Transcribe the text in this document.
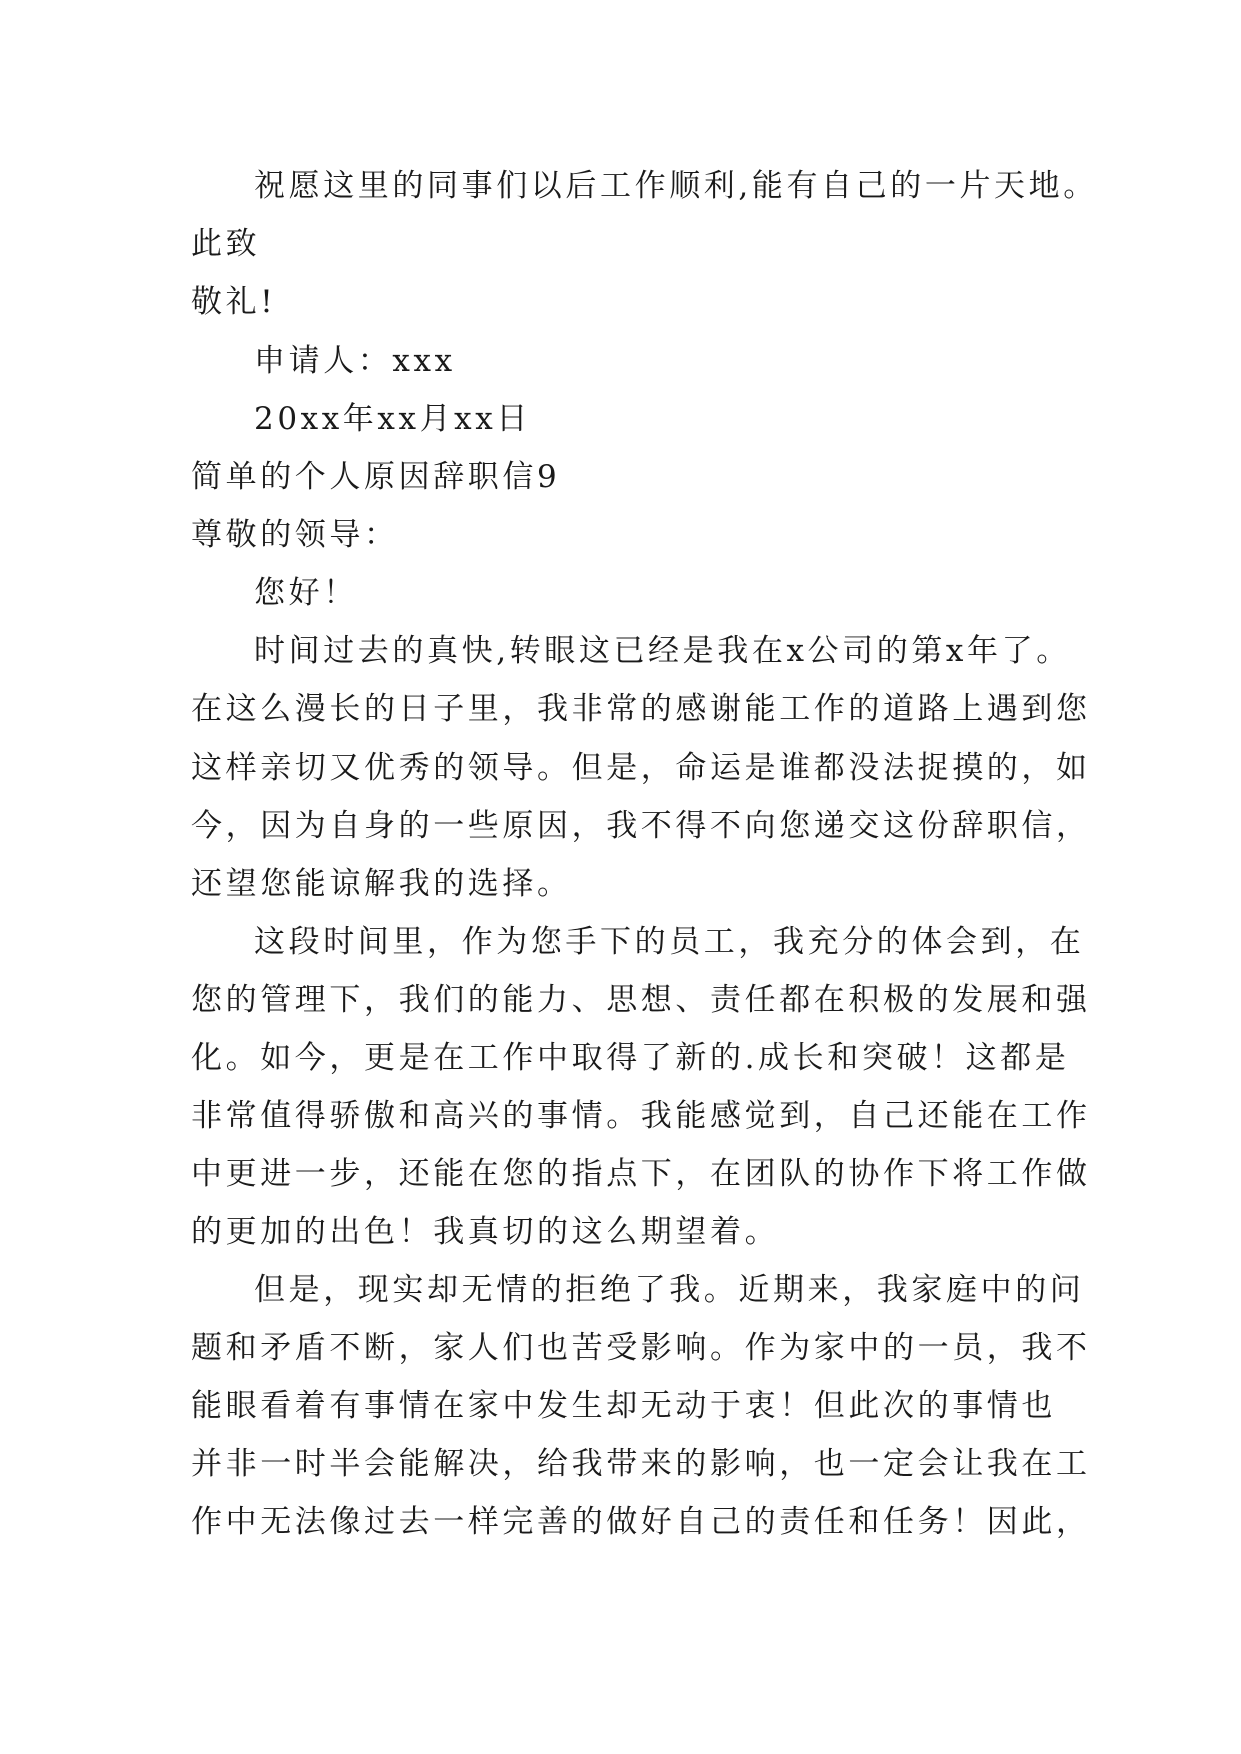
祝愿这里的同事们以后工作顺利,能有自己的一片天地。
此致
敬礼!
申请人：xxx
20xx年xx月xx日
简单的个人原因辞职信9
尊敬的领导：
您好！
时间过去的真快,转眼这已经是我在x公司的第x年了。
在这么漫长的日子里，我非常的感谢能工作的道路上遇到您
这样亲切又优秀的领导。但是，命运是谁都没法捉摸的，如
今，因为自身的一些原因，我不得不向您递交这份辞职信，
还望您能谅解我的选择。
这段时间里，作为您手下的员工，我充分的体会到，在
您的管理下，我们的能力、思想、责任都在积极的发展和强
化。如今，更是在工作中取得了新的.成长和突破！这都是
非常值得骄傲和高兴的事情。我能感觉到，自己还能在工作
中更进一步，还能在您的指点下，在团队的协作下将工作做
的更加的出色！我真切的这么期望着。
但是，现实却无情的拒绝了我。近期来，我家庭中的问
题和矛盾不断，家人们也苦受影响。作为家中的一员，我不
能眼看着有事情在家中发生却无动于衷！但此次的事情也
并非一时半会能解决，给我带来的影响，也一定会让我在工
作中无法像过去一样完善的做好自己的责任和任务！因此，
